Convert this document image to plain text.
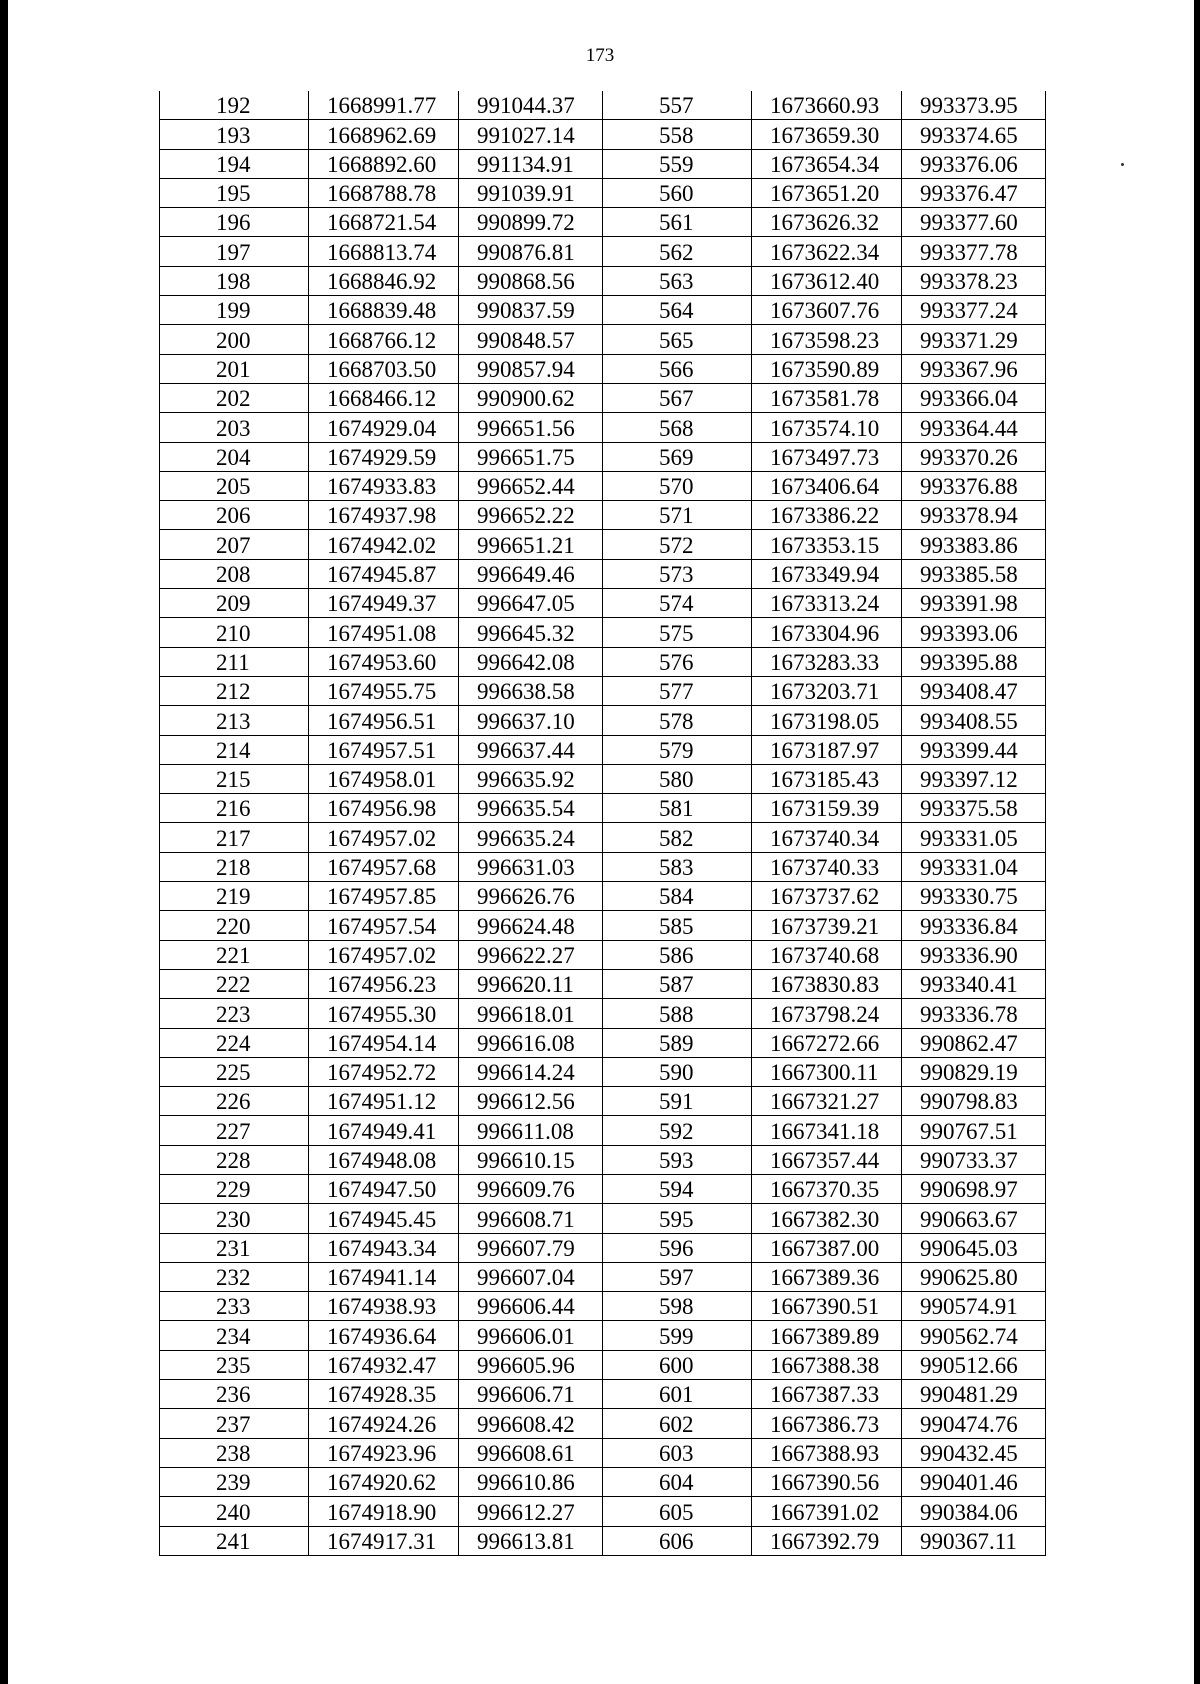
173
192	1668991.77	991044.37	557	1673660.93	993373.95
193	1668962.69	991027.14	558	1673659.30	993374.65
194	1668892.60	991134.91	559	1673654.34	993376.06
195	1668788.78	991039.91	560	1673651.20	993376.47
196	1668721.54	990899.72	561	1673626.32	993377.60
197	1668813.74	990876.81	562	1673622.34	993377.78
198	1668846.92	990868.56	563	1673612.40	993378.23
199	1668839.48	990837.59	564	1673607.76	993377.24
200	1668766.12	990848.57	565	1673598.23	993371.29
201	1668703.50	990857.94	566	1673590.89	993367.96
202	1668466.12	990900.62	567	1673581.78	993366.04
203	1674929.04	996651.56	568	1673574.10	993364.44
204	1674929.59	996651.75	569	1673497.73	993370.26
205	1674933.83	996652.44	570	1673406.64	993376.88
206	1674937.98	996652.22	571	1673386.22	993378.94
207	1674942.02	996651.21	572	1673353.15	993383.86
208	1674945.87	996649.46	573	1673349.94	993385.58
209	1674949.37	996647.05	574	1673313.24	993391.98
210	1674951.08	996645.32	575	1673304.96	993393.06
211	1674953.60	996642.08	576	1673283.33	993395.88
212	1674955.75	996638.58	577	1673203.71	993408.47
213	1674956.51	996637.10	578	1673198.05	993408.55
214	1674957.51	996637.44	579	1673187.97	993399.44
215	1674958.01	996635.92	580	1673185.43	993397.12
216	1674956.98	996635.54	581	1673159.39	993375.58
217	1674957.02	996635.24	582	1673740.34	993331.05
218	1674957.68	996631.03	583	1673740.33	993331.04
219	1674957.85	996626.76	584	1673737.62	993330.75
220	1674957.54	996624.48	585	1673739.21	993336.84
221	1674957.02	996622.27	586	1673740.68	993336.90
222	1674956.23	996620.11	587	1673830.83	993340.41
223	1674955.30	996618.01	588	1673798.24	993336.78
224	1674954.14	996616.08	589	1667272.66	990862.47
225	1674952.72	996614.24	590	1667300.11	990829.19
226	1674951.12	996612.56	591	1667321.27	990798.83
227	1674949.41	996611.08	592	1667341.18	990767.51
228	1674948.08	996610.15	593	1667357.44	990733.37
229	1674947.50	996609.76	594	1667370.35	990698.97
230	1674945.45	996608.71	595	1667382.30	990663.67
231	1674943.34	996607.79	596	1667387.00	990645.03
232	1674941.14	996607.04	597	1667389.36	990625.80
233	1674938.93	996606.44	598	1667390.51	990574.91
234	1674936.64	996606.01	599	1667389.89	990562.74
235	1674932.47	996605.96	600	1667388.38	990512.66
236	1674928.35	996606.71	601	1667387.33	990481.29
237	1674924.26	996608.42	602	1667386.73	990474.76
238	1674923.96	996608.61	603	1667388.93	990432.45
239	1674920.62	996610.86	604	1667390.56	990401.46
240	1674918.90	996612.27	605	1667391.02	990384.06
241	1674917.31	996613.81	606	1667392.79	990367.11
